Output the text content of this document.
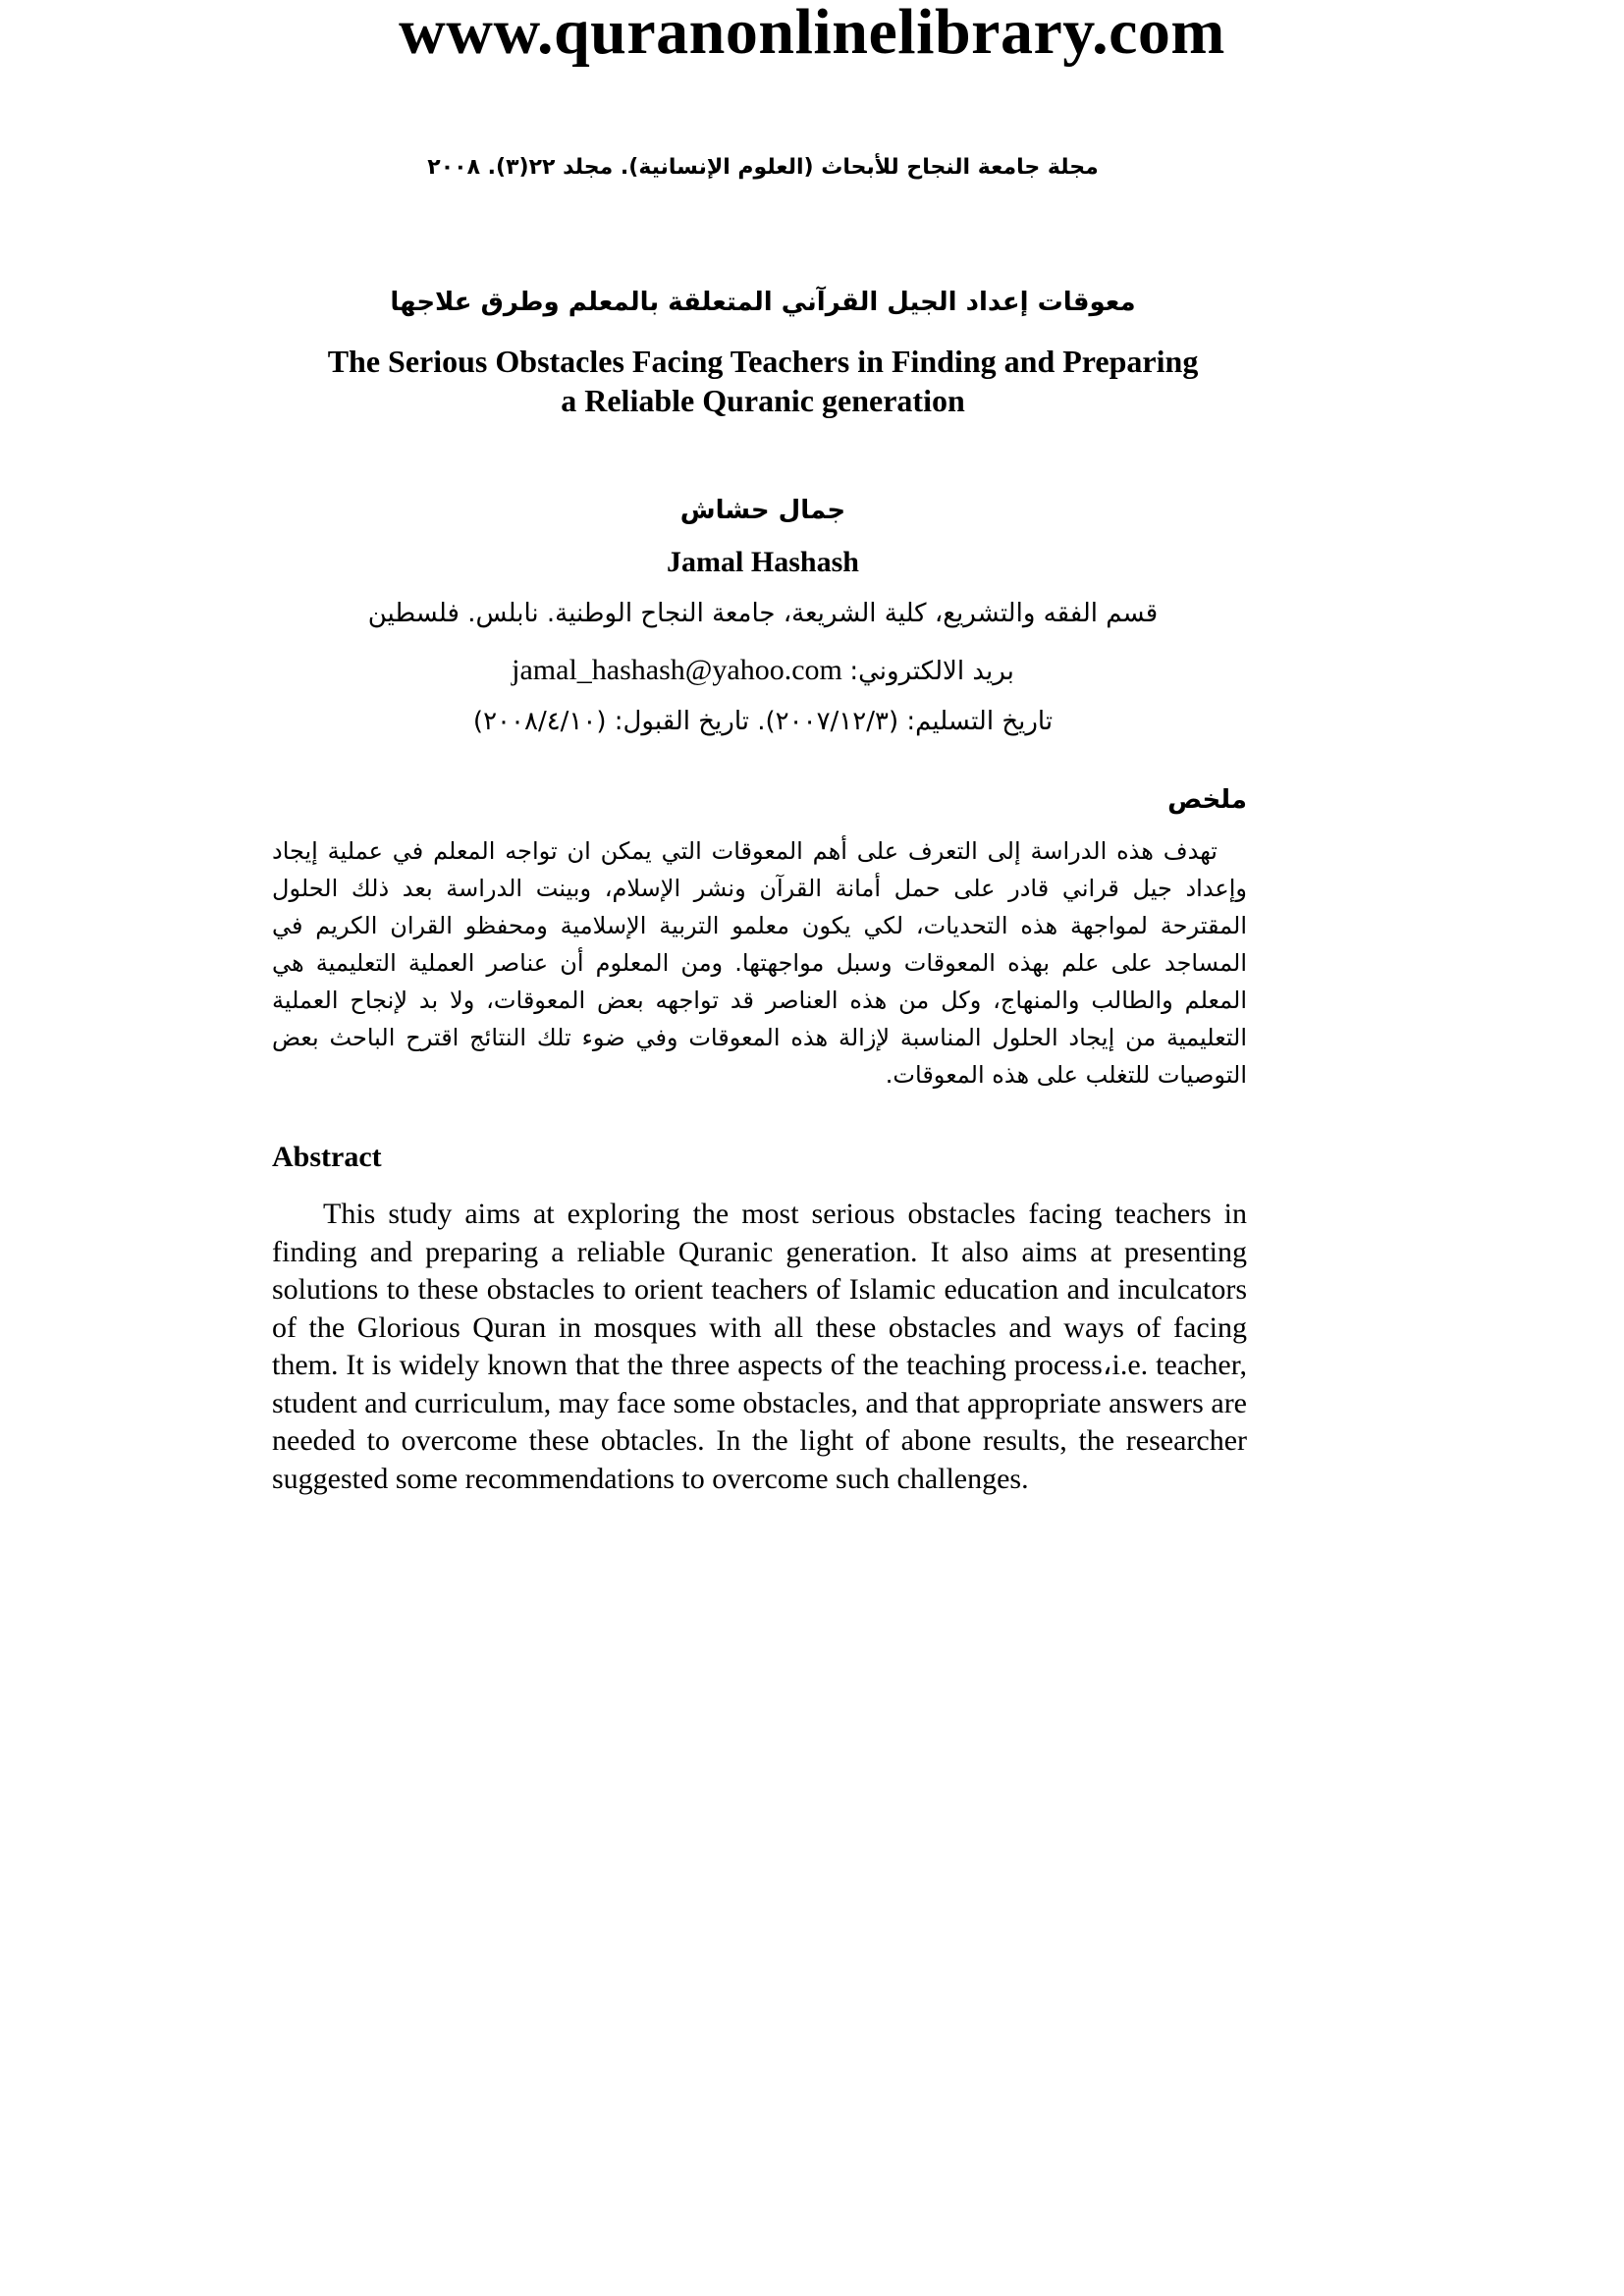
www.quranonlinelibrary.com
مجلة جامعة النجاح للأبحاث (العلوم الإنسانية). مجلد ٢٢(٣). ٢٠٠٨
معوقات إعداد الجيل القرآني المتعلقة بالمعلم وطرق علاجها
The Serious Obstacles Facing Teachers in Finding and Preparing
a Reliable Quranic generation
جمال حشاش
Jamal Hashash
قسم الفقه والتشريع، كلية الشريعة، جامعة النجاح الوطنية. نابلس. فلسطين
بريد الالكتروني: jamal_hashash@yahoo.com
تاريخ التسليم: (٢٠٠٧/١٢/٣). تاريخ القبول: (٢٠٠٨/٤/١٠)
ملخص
تهدف هذه الدراسة إلى التعرف على أهم المعوقات التي يمكن ان تواجه المعلم في عملية إيجاد وإعداد جيل قراني قادر على حمل أمانة القرآن ونشر الإسلام، وبينت الدراسة بعد ذلك الحلول المقترحة لمواجهة هذه التحديات، لكي يكون معلمو التربية الإسلامية ومحفظو القران الكريم في المساجد على علم بهذه المعوقات وسبل مواجهتها. ومن المعلوم أن عناصر العملية التعليمية هي المعلم والطالب والمنهاج، وكل من هذه العناصر قد تواجهه بعض المعوقات، ولا بد لإنجاح العملية التعليمية من إيجاد الحلول المناسبة لإزالة هذه المعوقات وفي ضوء تلك النتائج اقترح الباحث بعض التوصيات للتغلب على هذه المعوقات.
Abstract
This study aims at exploring the most serious obstacles facing teachers in finding and preparing a reliable Quranic generation. It also aims at presenting solutions to these obstacles to orient teachers of Islamic education and inculcators of the Glorious Quran in mosques with all these obstacles and ways of facing them. It is widely known that the three aspects of the teaching process،i.e. teacher, student and curriculum, may face some obstacles, and that appropriate answers are needed to overcome these obtacles. In the light of abone results, the researcher suggested some recommendations to overcome such challenges.
